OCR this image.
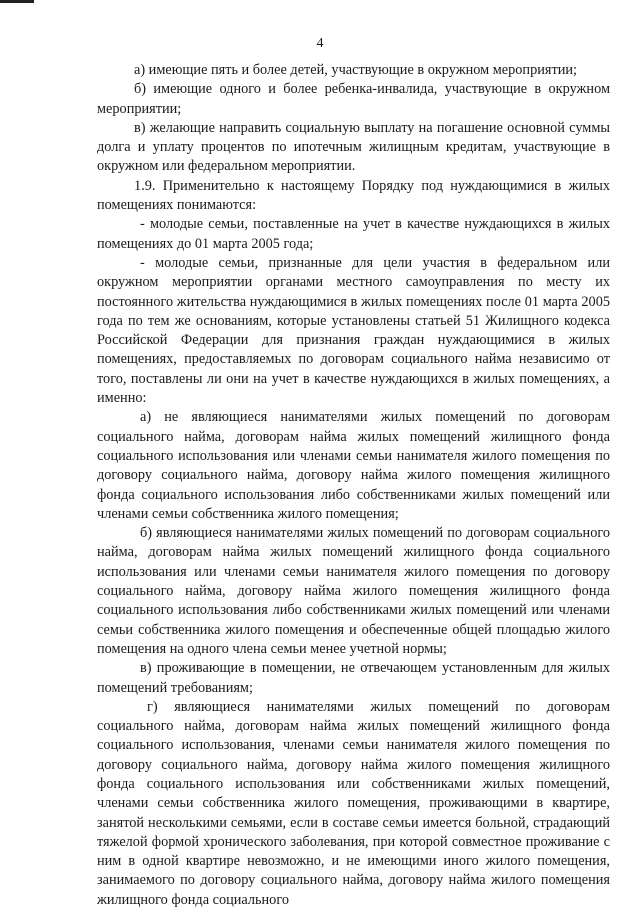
4

а) имеющие пять и более детей, участвующие в окружном мероприятии;

б) имеющие одного и более ребенка-инвалида, участвующие в окружном мероприятии;

в) желающие направить социальную выплату на погашение основной суммы долга и уплату процентов по ипотечным жилищным кредитам, участвующие в окружном или федеральном мероприятии.

1.9. Применительно к настоящему Порядку под нуждающимися в жилых помещениях понимаются:

- молодые семьи, поставленные на учет в качестве нуждающихся в жилых помещениях до 01 марта 2005 года;

- молодые семьи, признанные для цели участия в федеральном или окружном мероприятии органами местного самоуправления по месту их постоянного жительства нуждающимися в жилых помещениях после 01 марта 2005 года по тем же основаниям, которые установлены статьей 51 Жилищного кодекса Российской Федерации для признания граждан нуждающимися в жилых помещениях, предоставляемых по договорам социального найма независимо от того, поставлены ли они на учет в качестве нуждающихся в жилых помещениях, а именно:

а) не являющиеся нанимателями жилых помещений по договорам социального найма, договорам найма жилых помещений жилищного фонда социального использования или членами семьи нанимателя жилого помещения по договору социального найма, договору найма жилого помещения жилищного фонда социального использования либо собственниками жилых помещений или членами семьи собственника жилого помещения;

б) являющиеся нанимателями жилых помещений по договорам социального найма, договорам найма жилых помещений жилищного фонда социального использования или членами семьи нанимателя жилого помещения по договору социального найма, договору найма жилого помещения жилищного фонда социального использования либо собственниками жилых помещений или членами семьи собственника жилого помещения и обеспеченные общей площадью жилого помещения на одного члена семьи менее учетной нормы;

в) проживающие в помещении, не отвечающем установленным для жилых помещений требованиям;

г) являющиеся нанимателями жилых помещений по договорам социального найма, договорам найма жилых помещений жилищного фонда социального использования, членами семьи нанимателя жилого помещения по договору социального найма, договору найма жилого помещения жилищного фонда социального использования или собственниками жилых помещений, членами семьи собственника жилого помещения, проживающими в квартире, занятой несколькими семьями, если в составе семьи имеется больной, страдающий тяжелой формой хронического заболевания, при которой совместное проживание с ним в одной квартире невозможно, и не имеющими иного жилого помещения, занимаемого по договору социального найма, договору найма жилого помещения жилищного фонда социального
